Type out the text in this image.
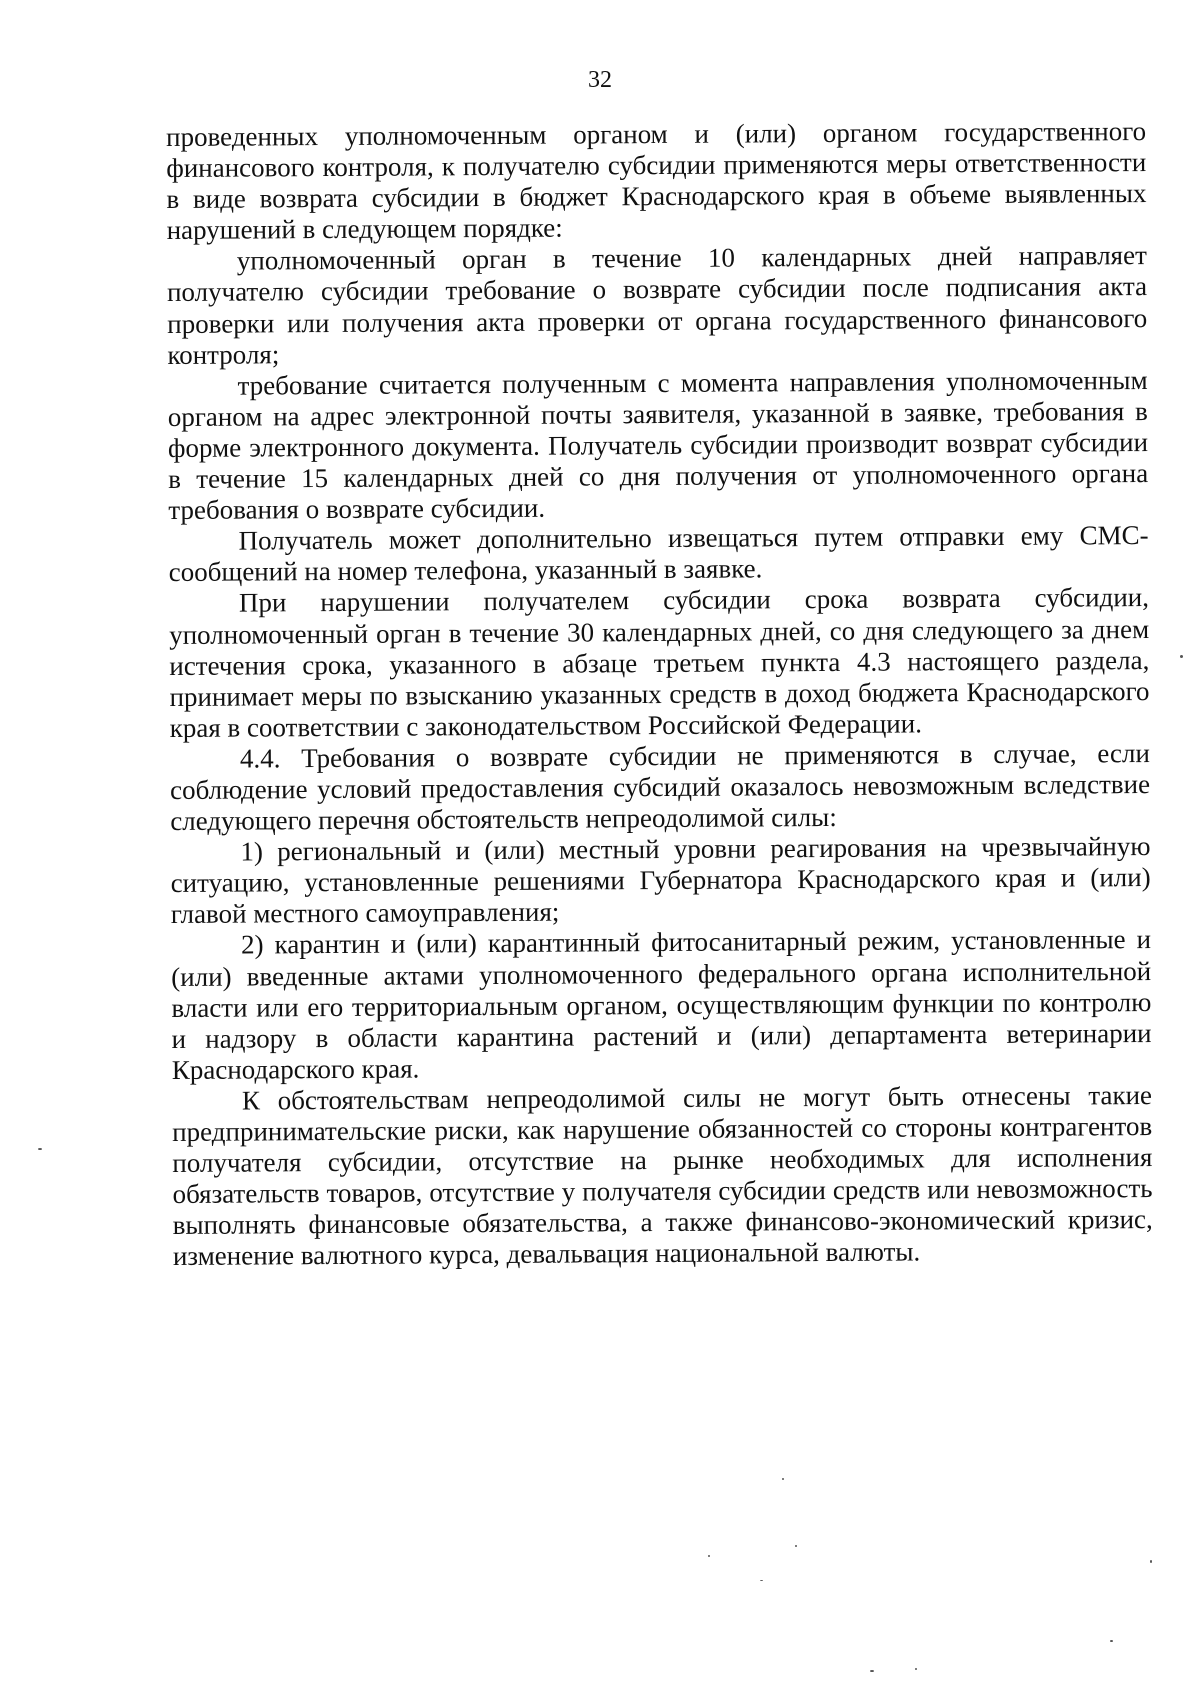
32

проведенных уполномоченным органом и (или) органом государственного финансового контроля, к получателю субсидии применяются меры ответственности в виде возврата субсидии в бюджет Краснодарского края в объеме выявленных нарушений в следующем порядке:

уполномоченный орган в течение 10 календарных дней направляет получателю субсидии требование о возврате субсидии после подписания акта проверки или получения акта проверки от органа государственного финансового контроля;

требование считается полученным с момента направления уполномоченным органом на адрес электронной почты заявителя, указанной в заявке, требования в форме электронного документа. Получатель субсидии производит возврат субсидии в течение 15 календарных дней со дня получения от уполномоченного органа требования о возврате субсидии.

Получатель может дополнительно извещаться путем отправки ему СМС-сообщений на номер телефона, указанный в заявке.

При нарушении получателем субсидии срока возврата субсидии, уполномоченный орган в течение 30 календарных дней, со дня следующего за днем истечения срока, указанного в абзаце третьем пункта 4.3 настоящего раздела, принимает меры по взысканию указанных средств в доход бюджета Краснодарского края в соответствии с законодательством Российской Федерации.

4.4. Требования о возврате субсидии не применяются в случае, если соблюдение условий предоставления субсидий оказалось невозможным вследствие следующего перечня обстоятельств непреодолимой силы:

1) региональный и (или) местный уровни реагирования на чрезвычайную ситуацию, установленные решениями Губернатора Краснодарского края и (или) главой местного самоуправления;

2) карантин и (или) карантинный фитосанитарный режим, установленные и (или) введенные актами уполномоченного федерального органа исполнительной власти или его территориальным органом, осуществляющим функции по контролю и надзору в области карантина растений и (или) департамента ветеринарии Краснодарского края.

К обстоятельствам непреодолимой силы не могут быть отнесены такие предпринимательские риски, как нарушение обязанностей со стороны контрагентов получателя субсидии, отсутствие на рынке необходимых для исполнения обязательств товаров, отсутствие у получателя субсидии средств или невозможность выполнять финансовые обязательства, а также финансово-экономический кризис, изменение валютного курса, девальвация национальной валюты.
